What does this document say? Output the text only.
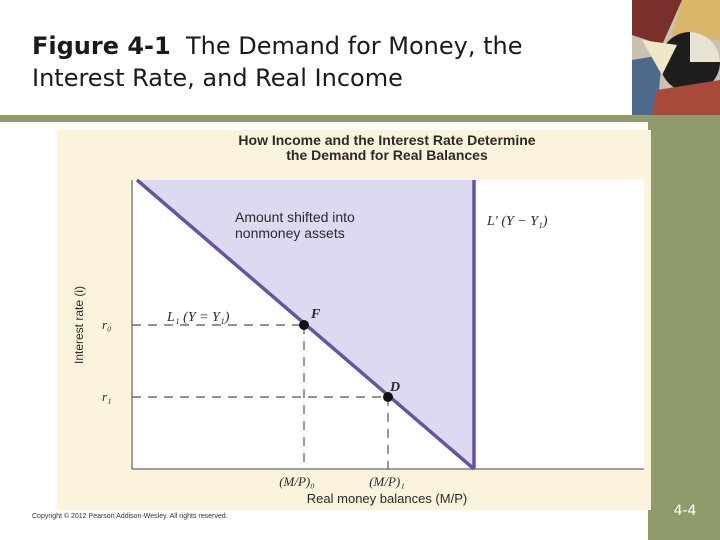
Figure 4-1 The Demand for Money, the
Interest Rate, and Real Income
How Income and the Interest Rate Determine
the Demand for Real Balances
Amount shifted into
nonmoney assets
L′ (Y − Y₁)
L₁ (Y = Y₁)	F
D
r₀
r₁
Interest rate (i)
(M/P)₀	(M/P)₁
Real money balances (M/P)
Copyright © 2012 Pearson Addison-Wesley. All rights reserved.	4-4
